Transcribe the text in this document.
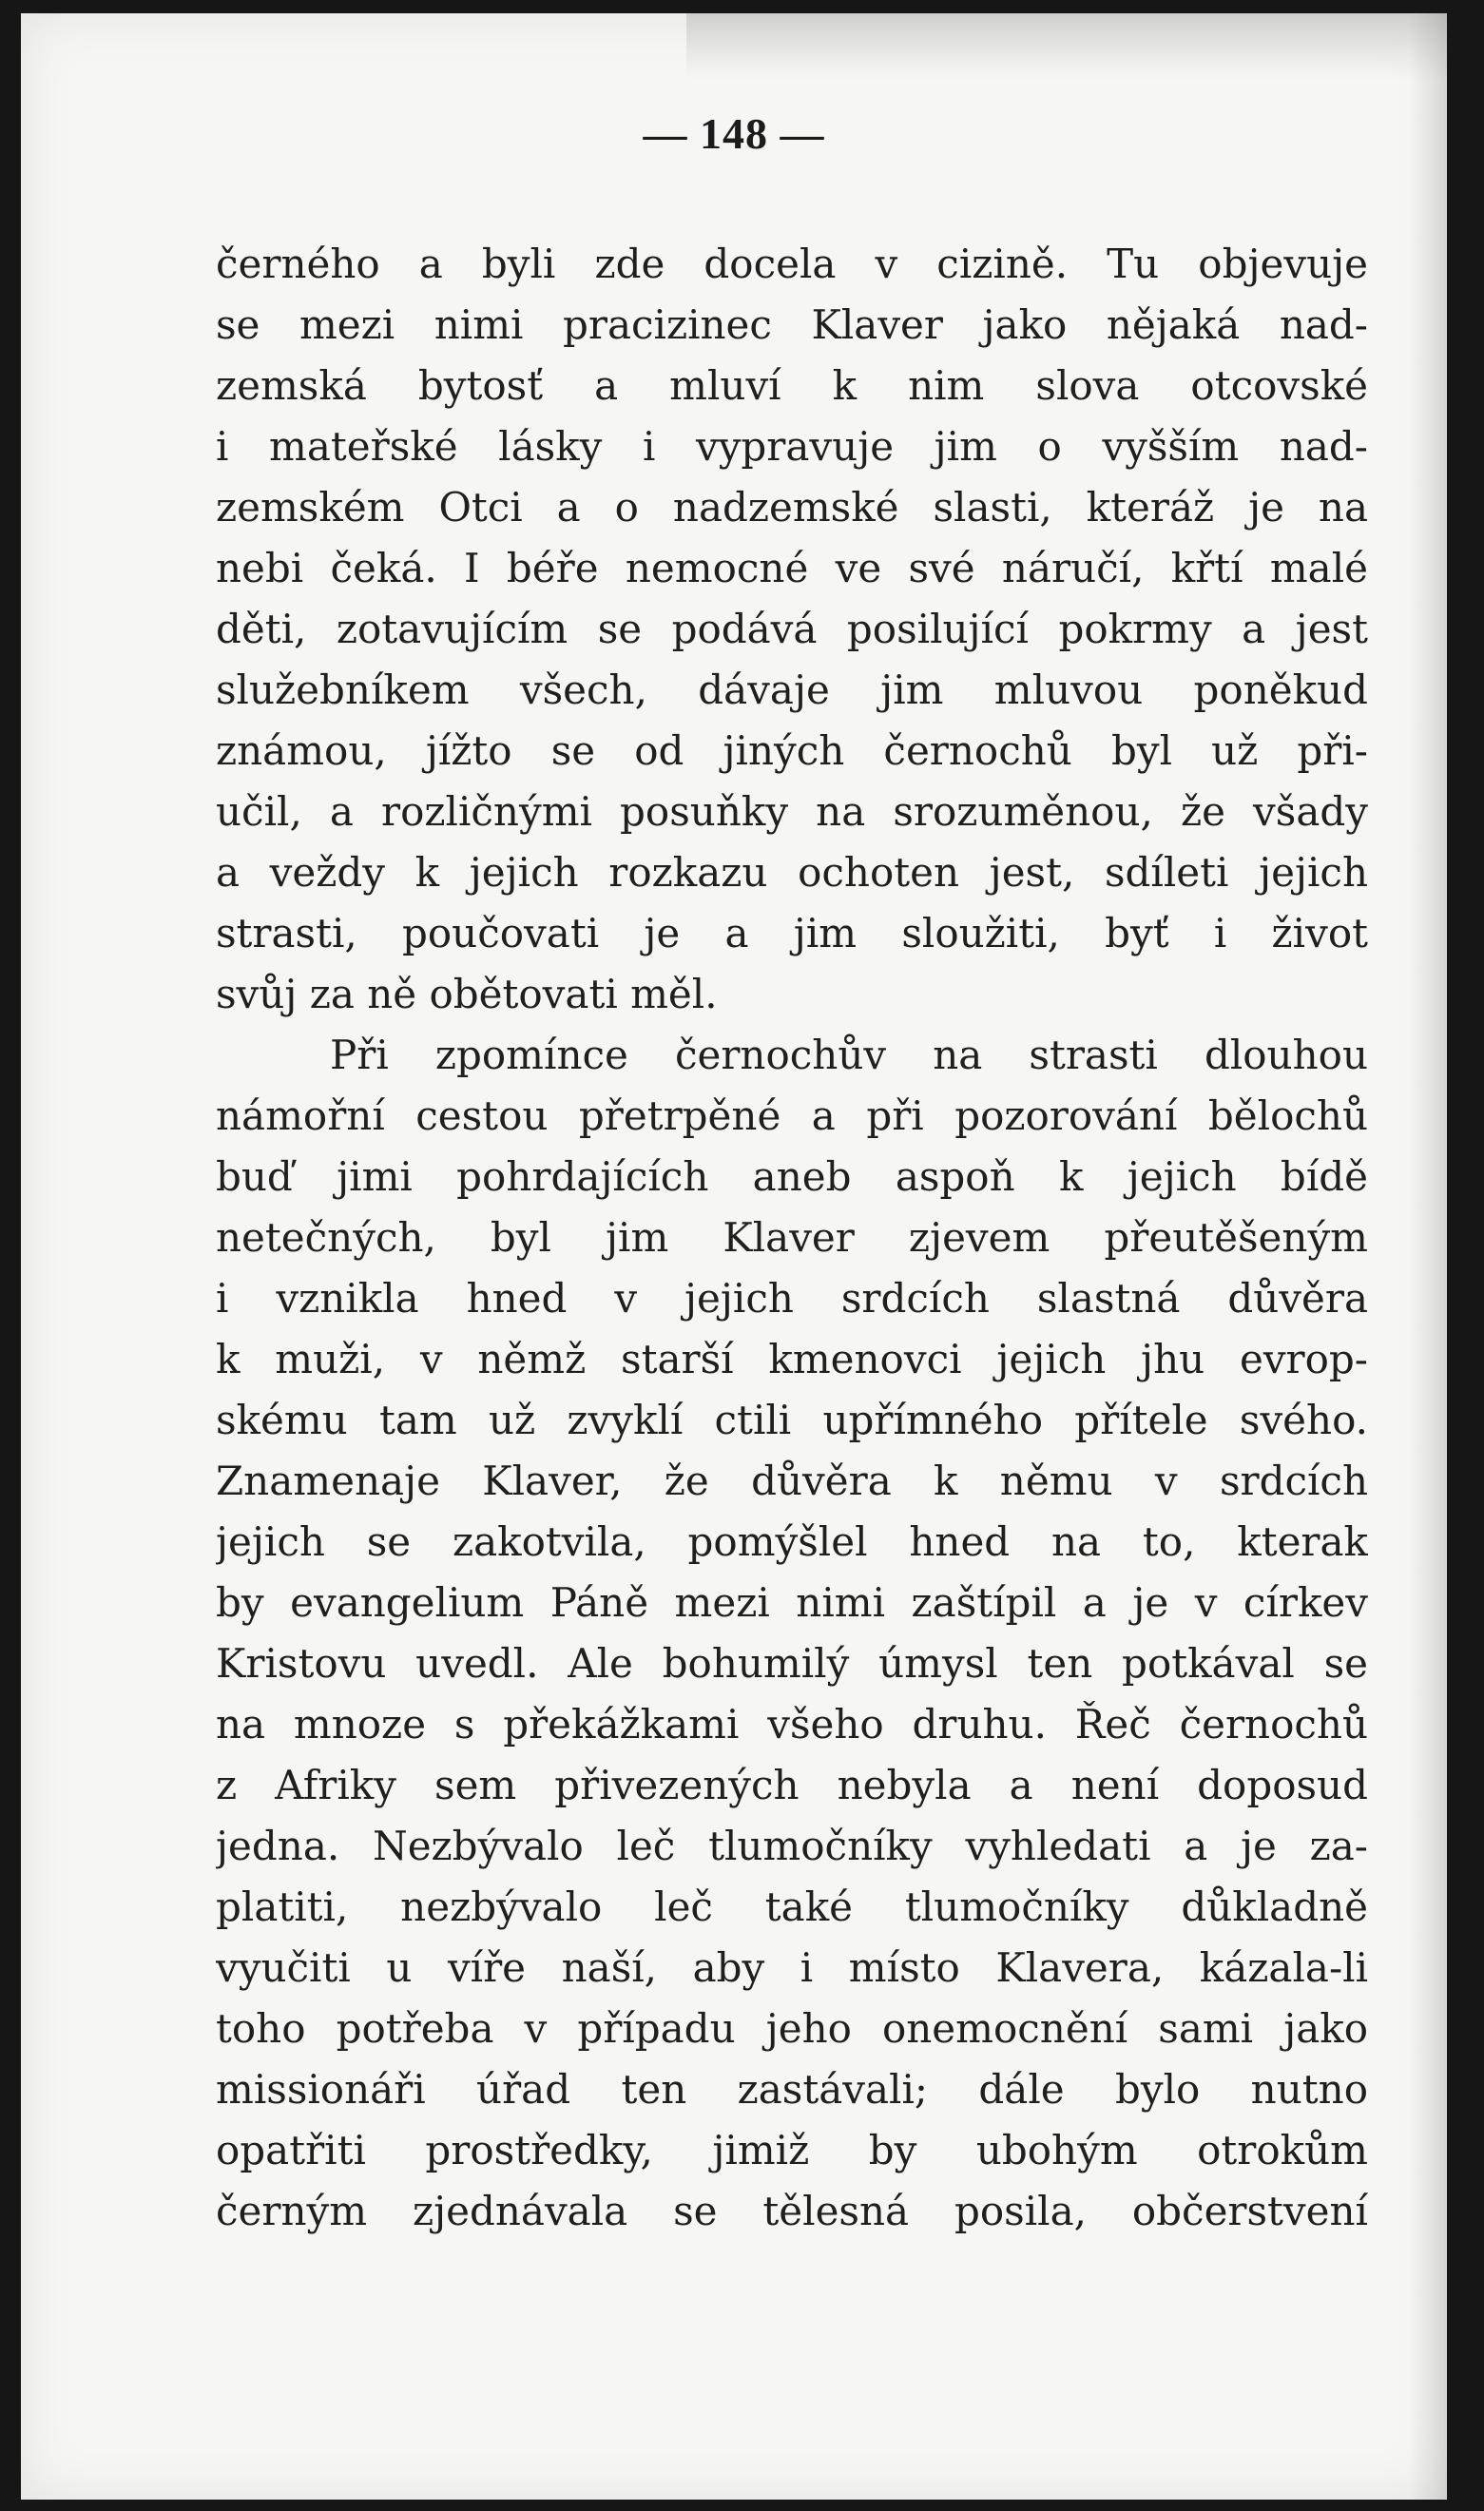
— 148 —
černého a byli zde docela v cizině. Tu objevuje
se mezi nimi pracizinec Klaver jako nějaká nad-
zemská bytosť a mluví k nim slova otcovské
i mateřské lásky i vypravuje jim o vyšším nad-
zemském Otci a o nadzemské slasti, kteráž je na
nebi čeká. I béře nemocné ve své náručí, křtí malé
děti, zotavujícím se podává posilující pokrmy a jest
služebníkem všech, dávaje jim mluvou poněkud
známou, jížto se od jiných černochů byl už při-
učil, a rozličnými posuňky na srozuměnou, že všady
a veždy k jejich rozkazu ochoten jest, sdíleti jejich
strasti, poučovati je a jim sloužiti, byť i život
svůj za ně obětovati měl.
Při zpomínce černochův na strasti dlouhou
námořní cestou přetrpěné a při pozorování bělochů
buď jimi pohrdajících aneb aspoň k jejich bídě
netečných, byl jim Klaver zjevem přeutěšeným
i vznikla hned v jejich srdcích slastná důvěra
k muži, v němž starší kmenovci jejich jhu evrop-
skému tam už zvyklí ctili upřímného přítele svého.
Znamenaje Klaver, že důvěra k němu v srdcích
jejich se zakotvila, pomýšlel hned na to, kterak
by evangelium Páně mezi nimi zaštípil a je v církev
Kristovu uvedl. Ale bohumilý úmysl ten potkával se
na mnoze s překážkami všeho druhu. Řeč černochů
z Afriky sem přivezených nebyla a není doposud
jedna. Nezbývalo leč tlumočníky vyhledati a je za-
platiti, nezbývalo leč také tlumočníky důkladně
vyučiti u víře naší, aby i místo Klavera, kázala-li
toho potřeba v případu jeho onemocnění sami jako
missionáři úřad ten zastávali; dále bylo nutno
opatřiti prostředky, jimiž by ubohým otrokům
černým zjednávala se tělesná posila, občerstvení
